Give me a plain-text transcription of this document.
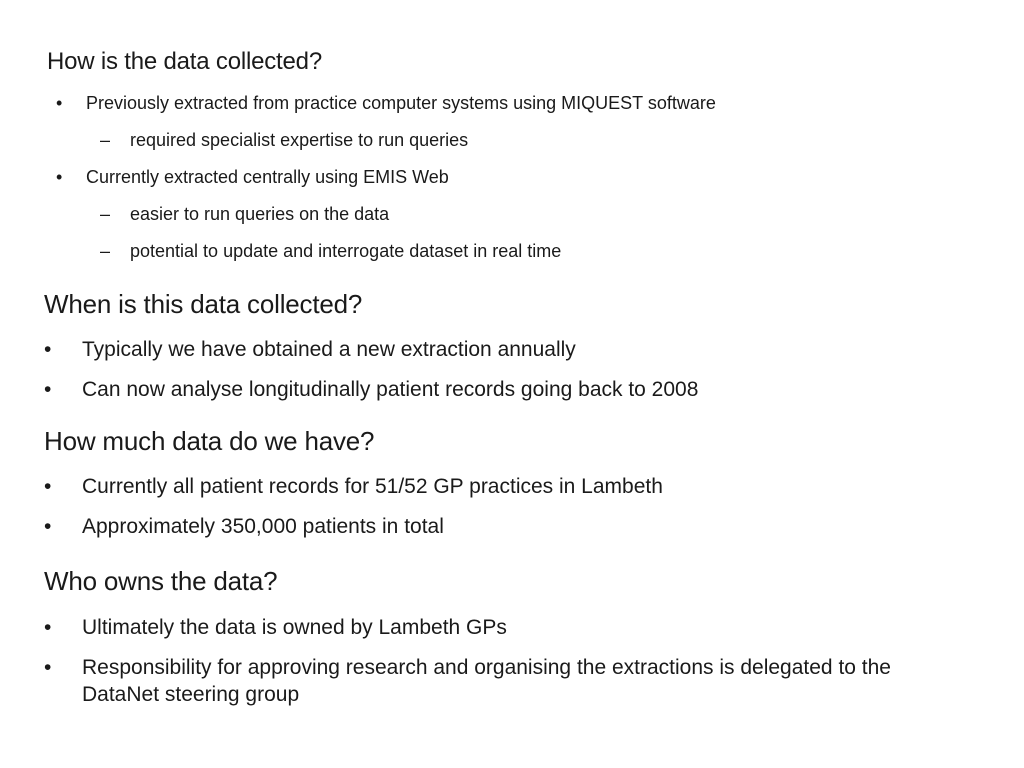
How is the data collected?

• Previously extracted from practice computer systems using MIQUEST software

– required specialist expertise to run queries

• Currently extracted centrally using EMIS Web

– easier to run queries on the data

– potential to update and interrogate dataset in real time

When is this data collected?

• Typically we have obtained a new extraction annually

• Can now analyse longitudinally patient records going back to 2008

How much data do we have?

• Currently all patient records for 51/52 GP practices in Lambeth

• Approximately 350,000 patients in total

Who owns the data?

• Ultimately the data is owned by Lambeth GPs

• Responsibility for approving research and organising the extractions is delegated to the DataNet steering group
